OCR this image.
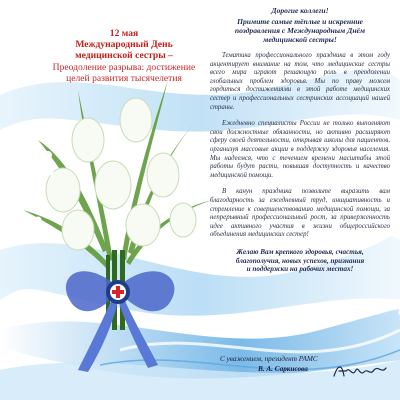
12 мая
Международный День
медицинской сестры –
Преодоление разрыва: достижение
целей развития тысячелетия
Дорогие коллеги!
Примите самые тёплые и искренние
поздравления с Международным Днём
медицинской сестры!

Тематика профессионального праздника в этом году акцентирует внимание на том, что медицинские сестры всего мира играют решающую роль в преодолении глобальных проблем здоровья. Мы по праву можем гордиться достижениями в этой работе медицинских сестер и профессиональных сестринских ассоциаций нашей страны.

Ежедневно специалисты России не только выполняют свои должностные обязанности, но активно расширяют сферу своей деятельности, открывая школы для пациентов, организуя массовые акции в поддержку здоровья населения. Мы надеемся, что с течением времени масштабы этой работы будут расти, повышая доступность и качество медицинской помощи.

В канун праздника позвольте выразить вам благодарность за ежедневный труд, инициативность и стремление к совершенствованию медицинской помощи, за непрерывный профессиональный рост, за приверженность идее активного участия в жизни общероссийского объединения медицинских сестер!

Желаю Вам крепкого здоровья, счастья,
благополучия, новых успехов, признания
и поддержки на рабочих местах!
С уважением, президент РАМС
В. А. Саркисова
